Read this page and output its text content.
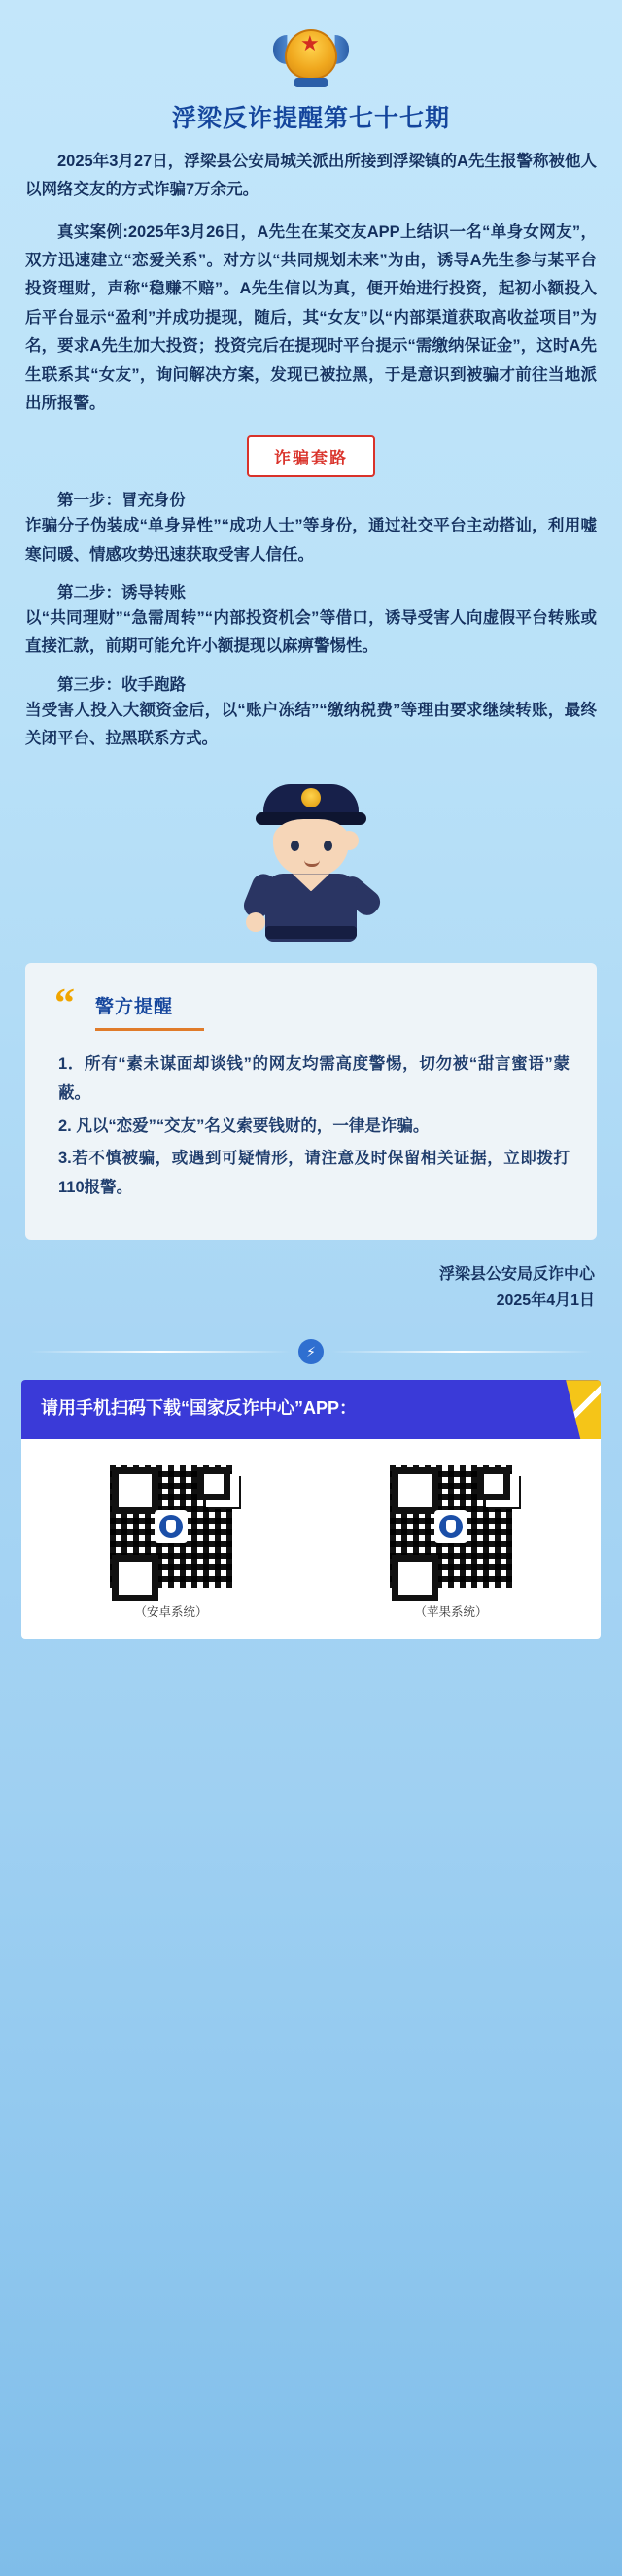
浮梁反诈提醒第七十七期

2025年3月27日，浮梁县公安局城关派出所接到浮梁镇的A先生报警称被他人以网络交友的方式诈骗7万余元。

真实案例:2025年3月26日，A先生在某交友APP上结识一名“单身女网友”，双方迅速建立“恋爱关系”。对方以“共同规划未来”为由，诱导A先生参与某平台投资理财，声称“稳赚不赔”。A先生信以为真，便开始进行投资，起初小额投入后平台显示“盈利”并成功提现，随后，其“女友”以“内部渠道获取高收益项目”为名，要求A先生加大投资；投资完后在提现时平台提示“需缴纳保证金”，这时A先生联系其“女友”，询问解决方案，发现已被拉黑，于是意识到被骗才前往当地派出所报警。

诈骗套路
第一步：冒充身份
诈骗分子伪装成“单身异性”“成功人士”等身份，通过社交平台主动搭讪，利用嘘寒问暖、情感攻势迅速获取受害人信任。
第二步：诱导转账
以“共同理财”“急需周转”“内部投资机会”等借口，诱导受害人向虚假平台转账或直接汇款，前期可能允许小额提现以麻痹警惕性。
第三步：收手跑路
当受害人投入大额资金后，以“账户冻结”“缴纳税费”等理由要求继续转账，最终关闭平台、拉黑联系方式。
“ 警方提醒

1．所有“素未谋面却谈钱”的网友均需高度警惕，切勿被“甜言蜜语”蒙蔽。

2. 凡以“恋爱”“交友”名义索要钱财的，一律是诈骗。

3.若不慎被骗，或遇到可疑情形，请注意及时保留相关证据，立即拨打110报警。

浮梁县公安局反诈中心
2025年4月1日
⚡
请用手机扫码下载“国家反诈中心”APP：
（安卓系统）	（苹果系统）
